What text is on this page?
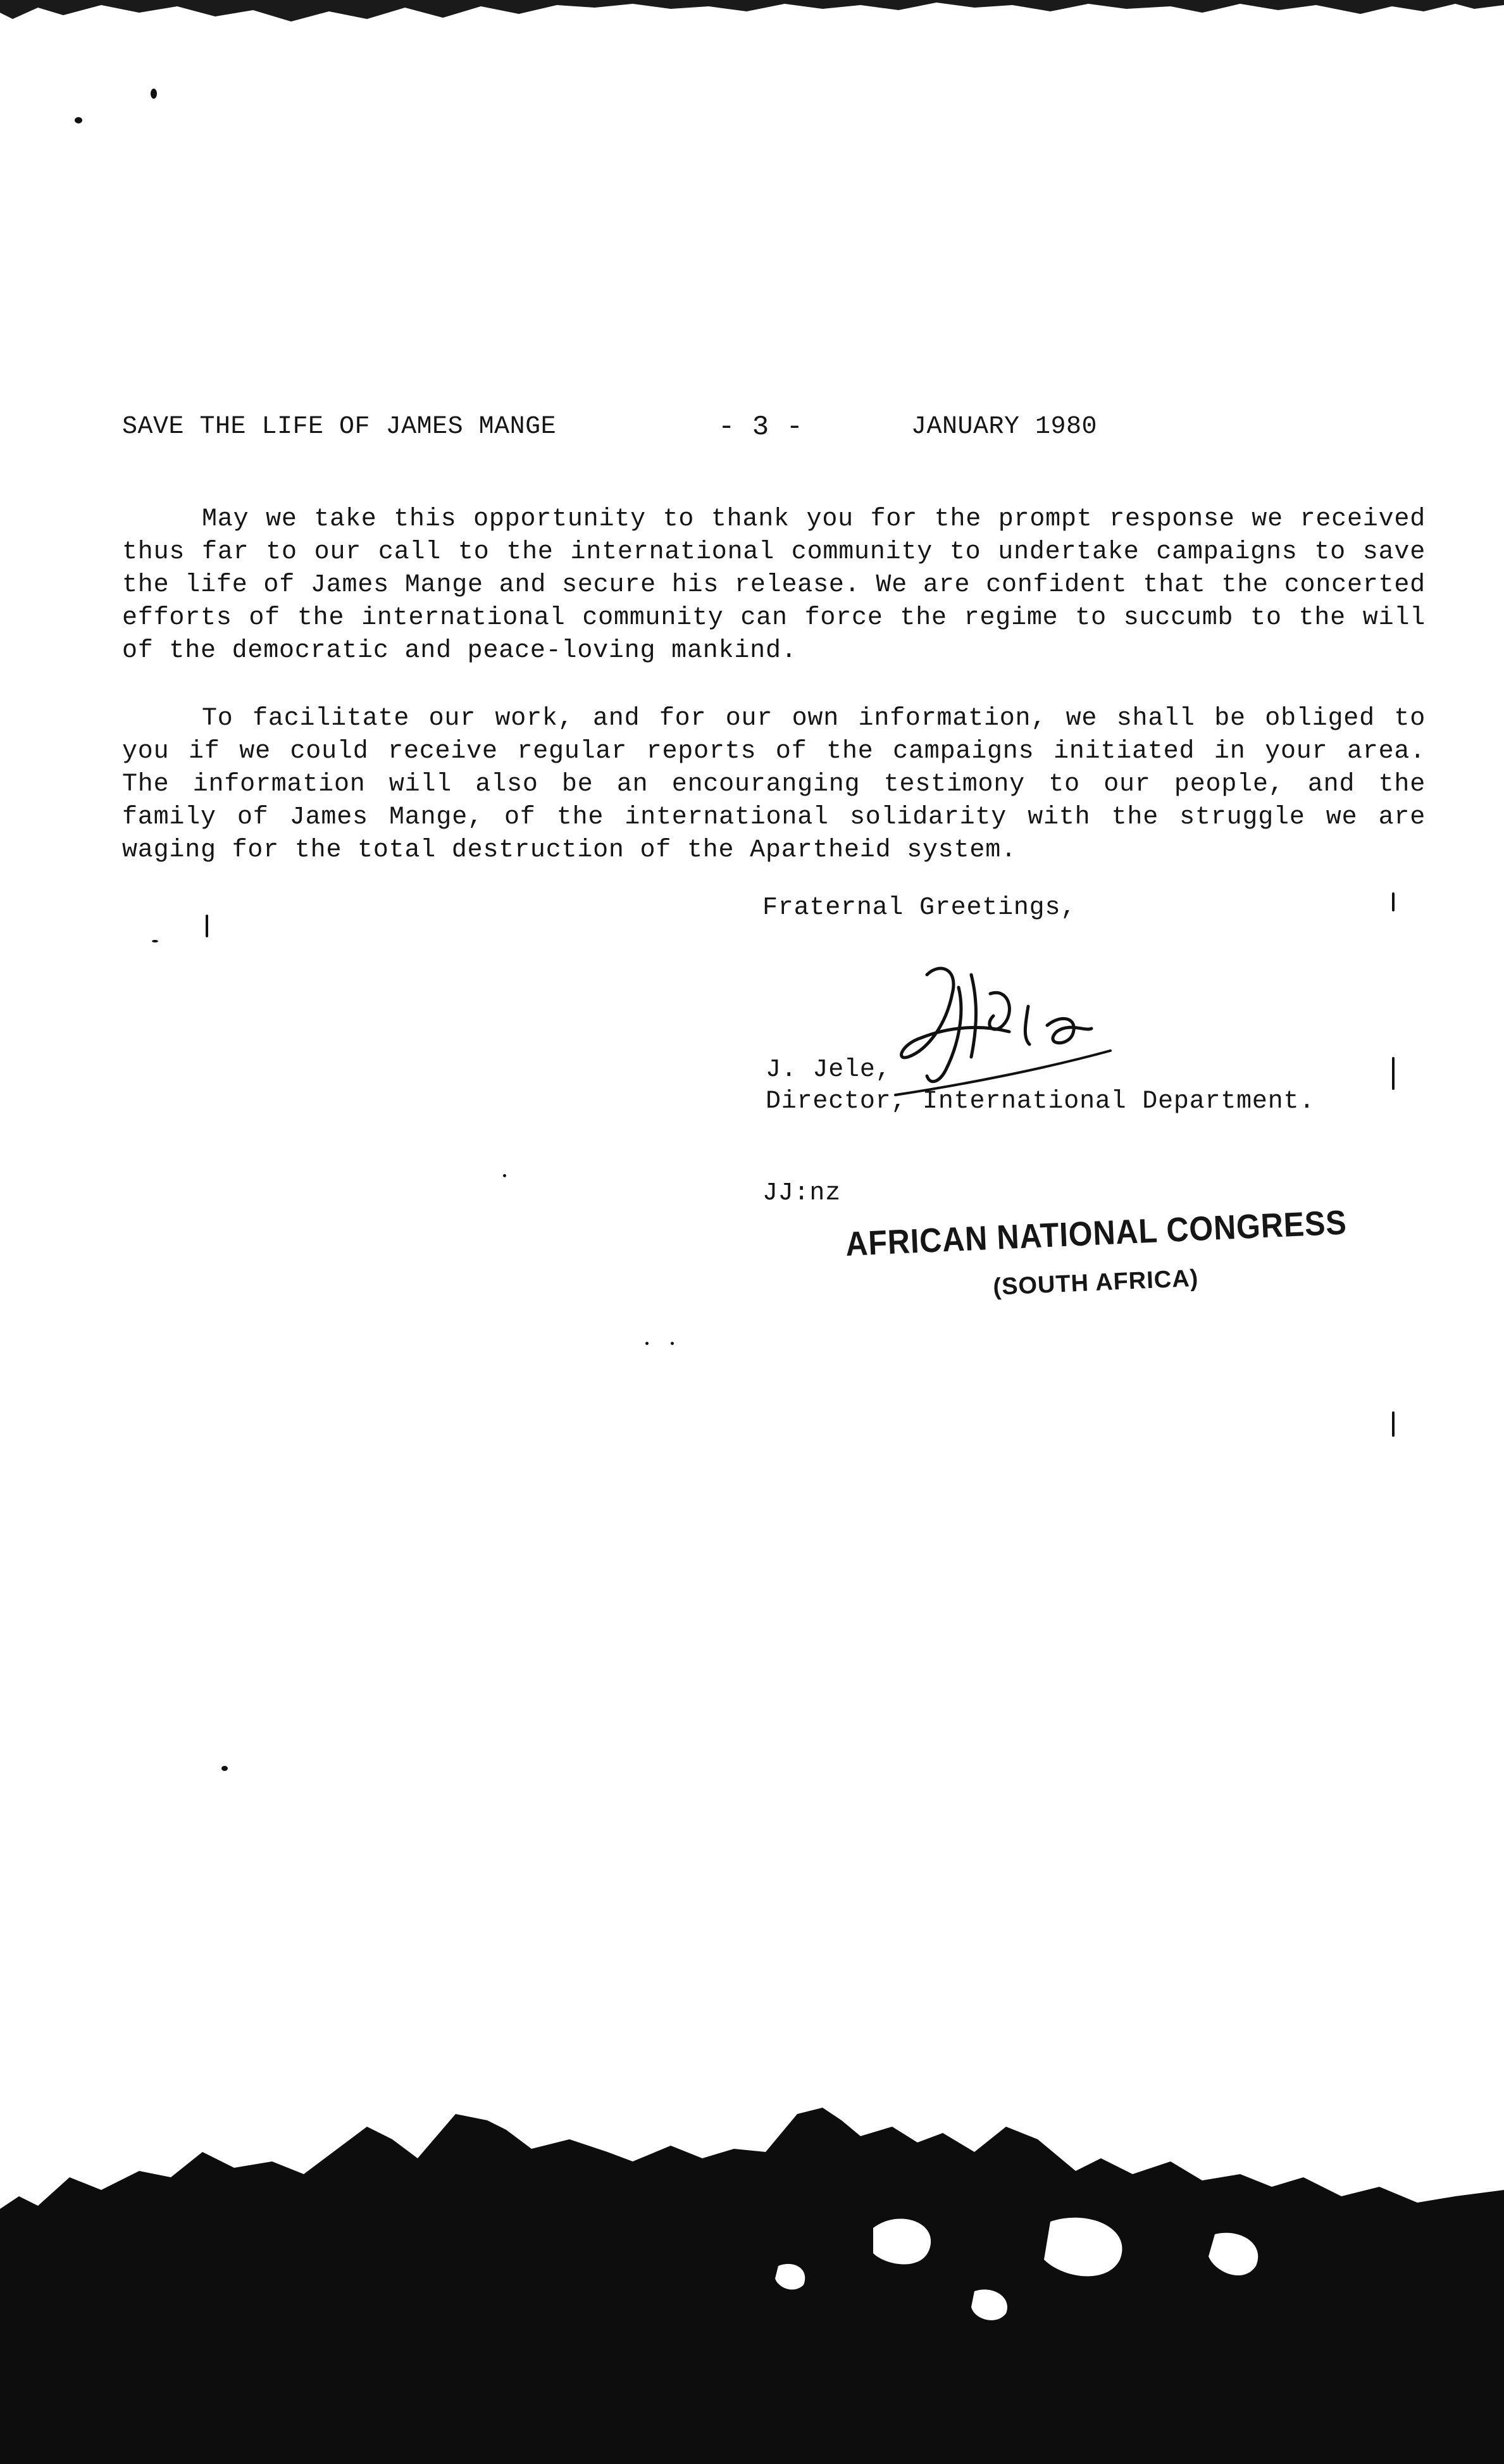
SAVE THE LIFE OF JAMES MANGE	- 3 -	JANUARY 1980
May we take this opportunity to thank you for the prompt response we received thus far to our call to the international community to undertake campaigns to save the life of James Mange and secure his release. We are confident that the concerted efforts of the international community can force the regime to succumb to the will of the democratic and peace-loving mankind.
To facilitate our work, and for our own information, we shall be obliged to you if we could receive regular reports of the campaigns initiated in your area. The information will also be an encouranging testimony to our people, and the family of James Mange, of the international solidarity with the struggle we are waging for the total destruction of the Apartheid system.
Fraternal Greetings,
J. Jele,
Director, International Department.
JJ:nz
AFRICAN NATIONAL CONGRESS
(SOUTH AFRICA)
